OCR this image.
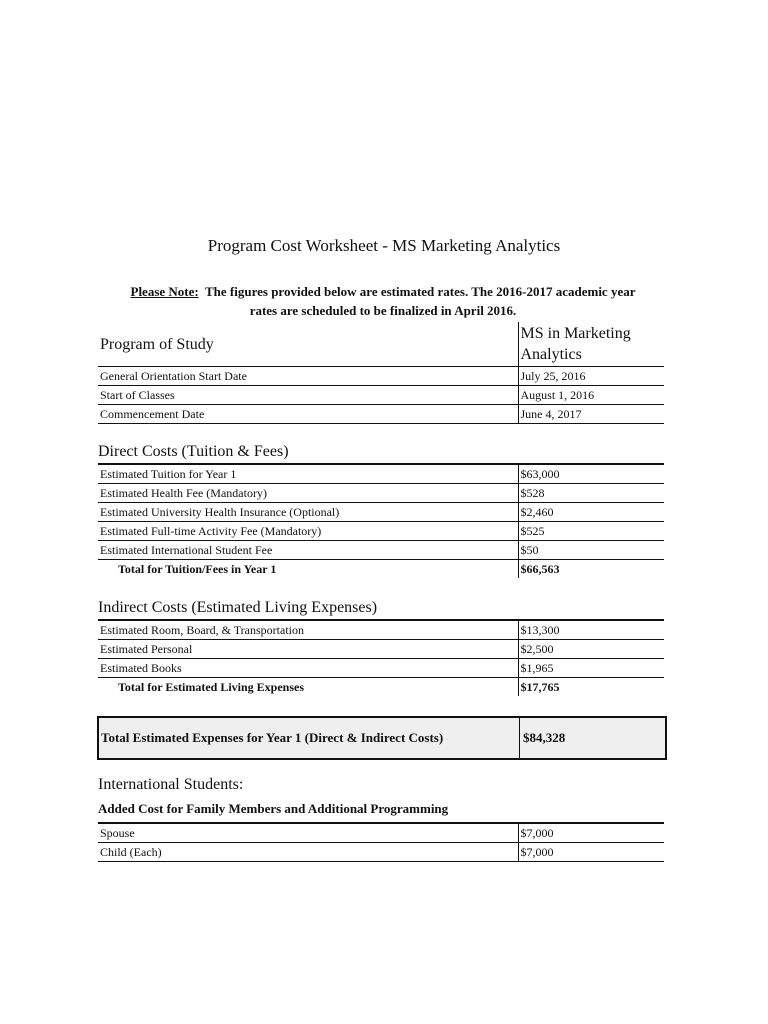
Program Cost Worksheet - MS Marketing Analytics
Please Note: The figures provided below are estimated rates. The 2016-2017 academic year
rates are scheduled to be finalized in April 2016.
Program of Study	MS in Marketing
Analytics
General Orientation Start Date	July 25, 2016
Start of Classes	August 1, 2016
Commencement Date	June 4, 2017
Direct Costs (Tuition & Fees)
Estimated Tuition for Year 1	$63,000
Estimated Health Fee (Mandatory)	$528
Estimated University Health Insurance (Optional)	$2,460
Estimated Full-time Activity Fee (Mandatory)	$525
Estimated International Student Fee	$50
Total for Tuition/Fees in Year 1	$66,563
Indirect Costs (Estimated Living Expenses)
Estimated Room, Board, & Transportation	$13,300
Estimated Personal	$2,500
Estimated Books	$1,965
Total for Estimated Living Expenses	$17,765
Total Estimated Expenses for Year 1 (Direct & Indirect Costs)	$84,328
International Students:
Added Cost for Family Members and Additional Programming
Spouse	$7,000
Child (Each)	$7,000
